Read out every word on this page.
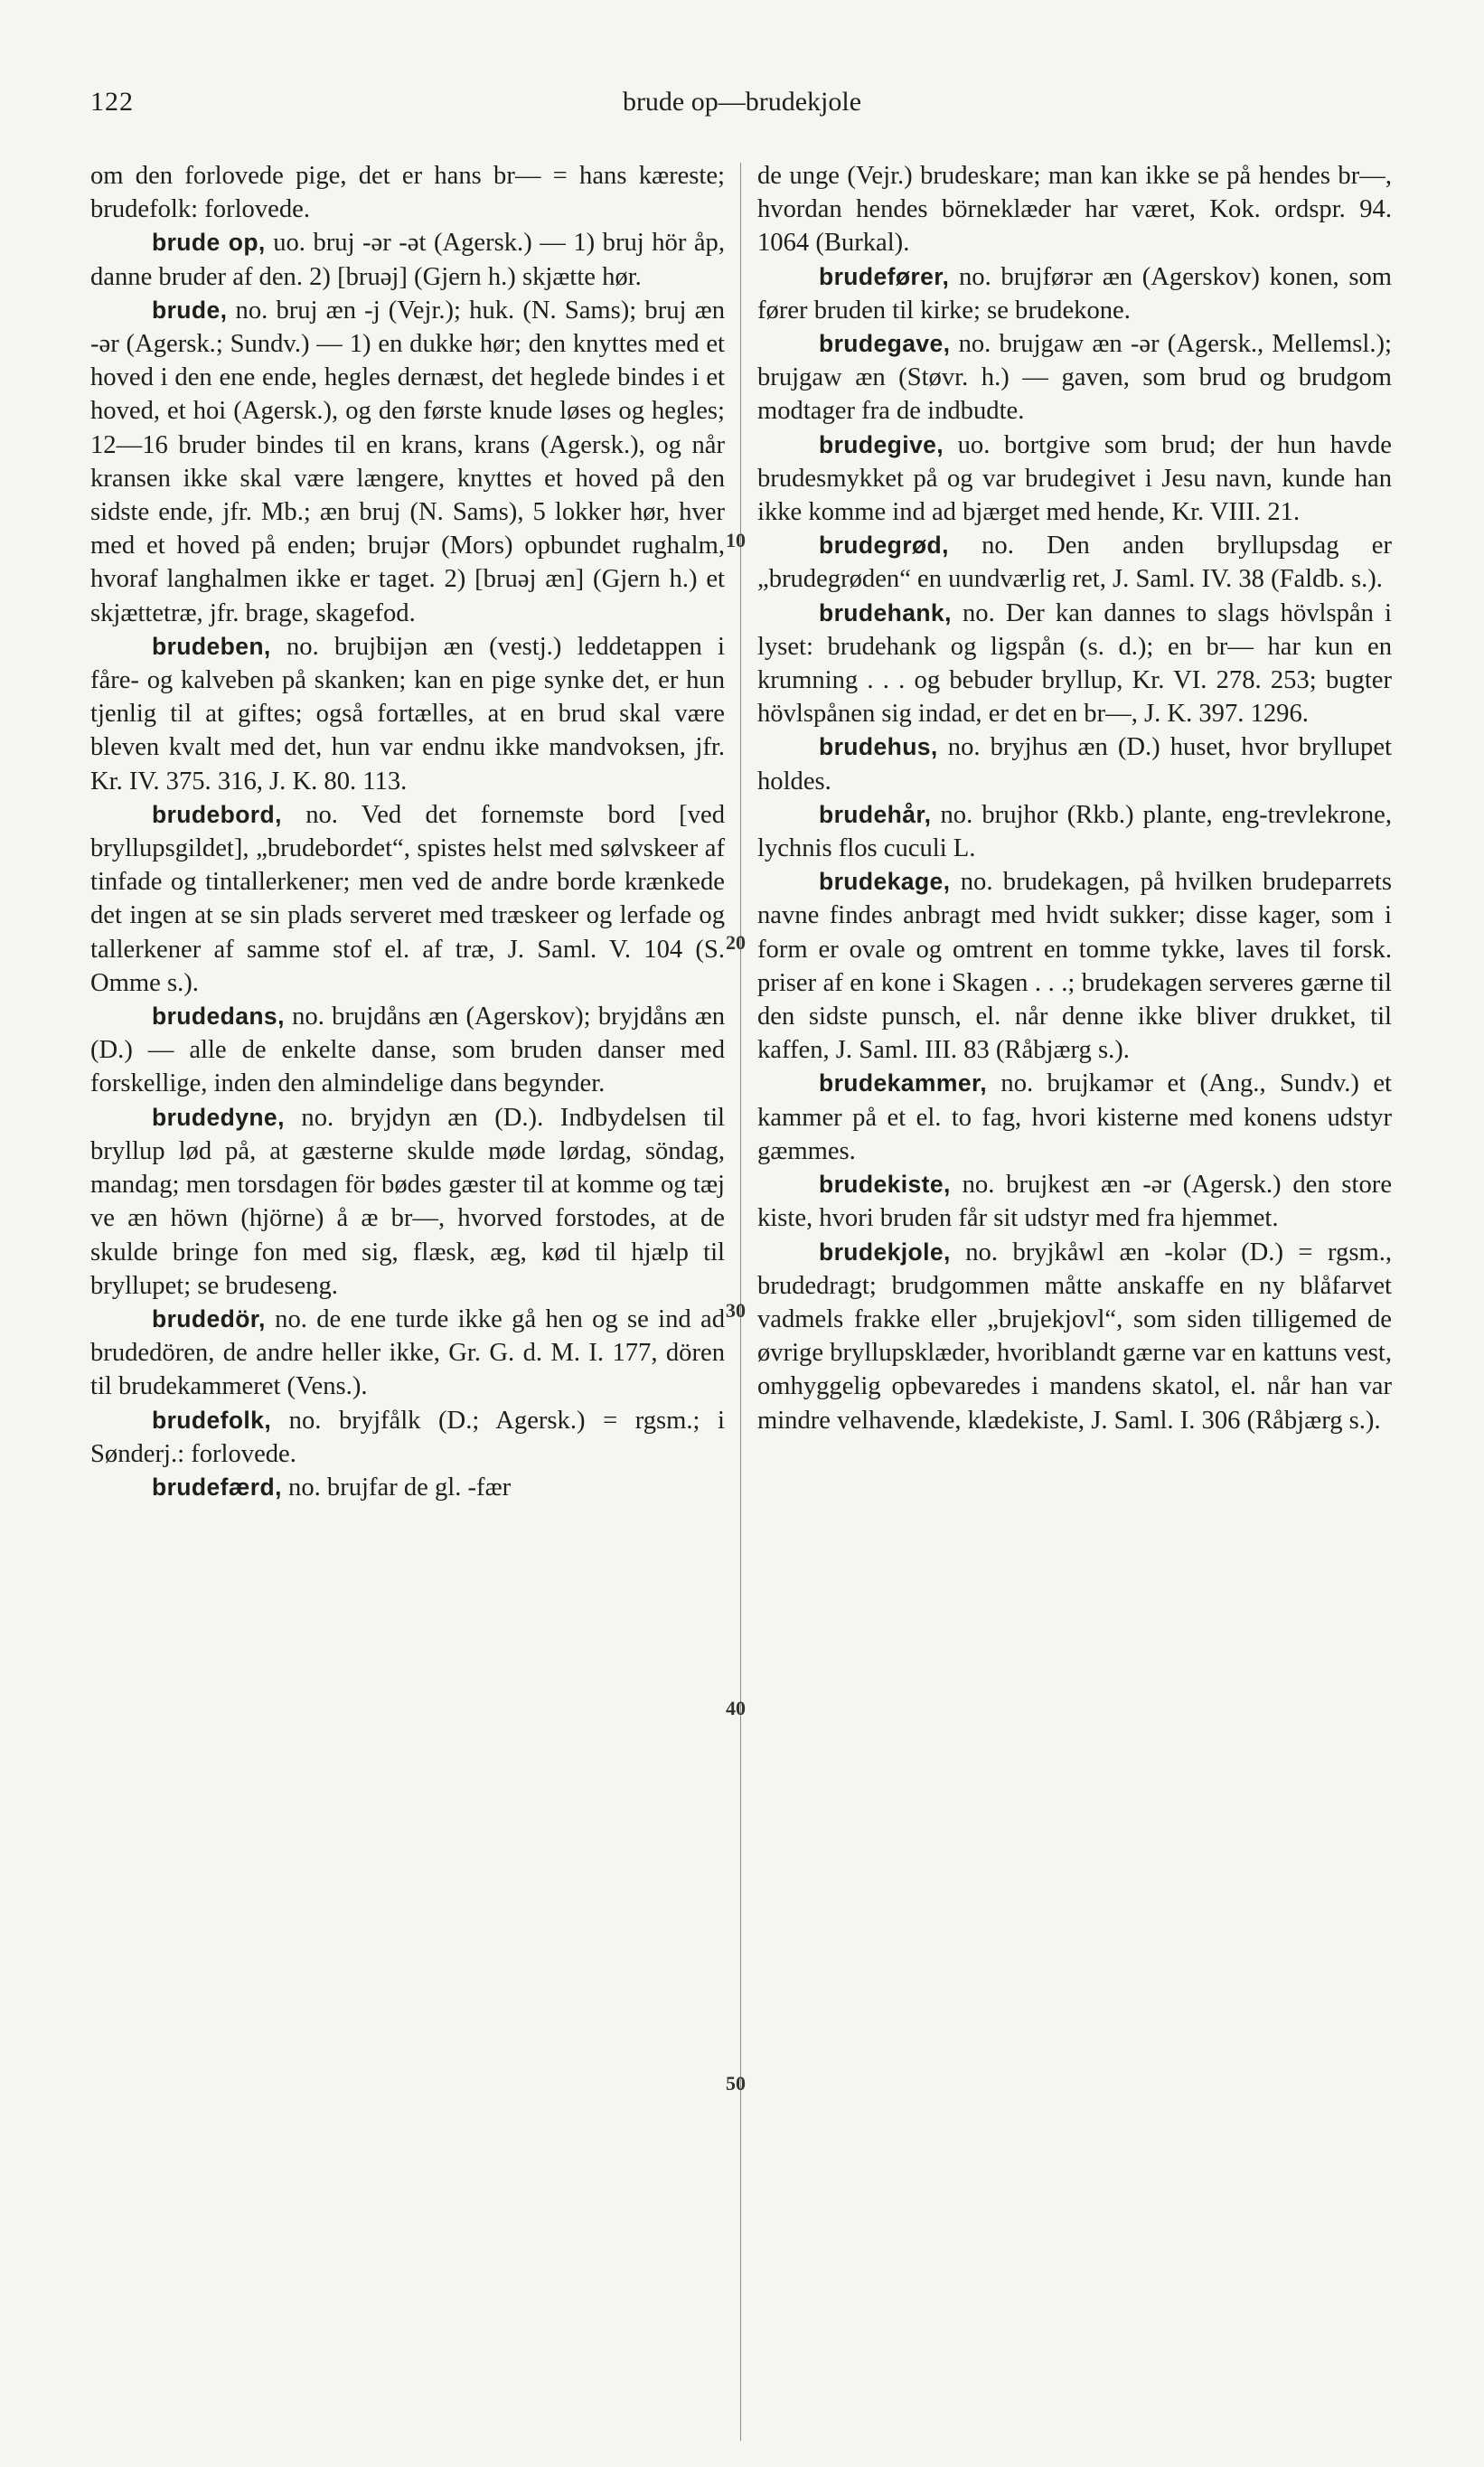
122	brude op—brudekjole
10
20
30
40
50

om den forlovede pige, det er hans br— = hans kæreste; brudefolk: forlovede.

brude op, uo. bruj -ər -ət (Agersk.) — 1) bruj hör åp, danne bruder af den. 2) [bruəj] (Gjern h.) skjætte hør.

brude, no. bruj æn -j (Vejr.); huk. (N. Sams); bruj æn -ər (Agersk.; Sundv.) — 1) en dukke hør; den knyttes med et hoved i den ene ende, hegles dernæst, det heglede bindes i et hoved, et hoi (Agersk.), og den første knude løses og hegles; 12—16 bruder bindes til en krans, krans (Agersk.), og når kransen ikke skal være længere, knyttes et hoved på den sidste ende, jfr. Mb.; æn bruj (N. Sams), 5 lokker hør, hver med et hoved på enden; brujər (Mors) opbundet rughalm, hvoraf langhalmen ikke er taget. 2) [bruəj æn] (Gjern h.) et skjættetræ, jfr. brage, skagefod.

brudeben, no. brujbijən æn (vestj.) leddetappen i fåre- og kalveben på skanken; kan en pige synke det, er hun tjenlig til at giftes; også fortælles, at en brud skal være bleven kvalt med det, hun var endnu ikke mandvoksen, jfr. Kr. IV. 375. 316, J. K. 80. 113.

brudebord, no. Ved det fornemste bord [ved bryllupsgildet], „brudebordet“, spistes helst med sølvskeer af tinfade og tintallerkener; men ved de andre borde krænkede det ingen at se sin plads serveret med træskeer og lerfade og tallerkener af samme stof el. af træ, J. Saml. V. 104 (S. Omme s.).

brudedans, no. brujdåns æn (Agerskov); bryjdåns æn (D.) — alle de enkelte danse, som bruden danser med forskellige, inden den almindelige dans begynder.

brudedyne, no. bryjdyn æn (D.). Indbydelsen til bryllup lød på, at gæsterne skulde møde lørdag, söndag, mandag; men torsdagen för bødes gæster til at komme og tæj ve æn höwn (hjörne) å æ br—, hvorved forstodes, at de skulde bringe fon med sig, flæsk, æg, kød til hjælp til bryllupet; se brudeseng.

brudedör, no. de ene turde ikke gå hen og se ind ad brudedören, de andre heller ikke, Gr. G. d. M. I. 177, dören til brudekammeret (Vens.).

brudefolk, no. bryjfålk (D.; Agersk.) = rgsm.; i Sønderj.: forlovede.

brudefærd, no. brujfar de gl. -fær

de unge (Vejr.) brudeskare; man kan ikke se på hendes br—, hvordan hendes börneklæder har været, Kok. ordspr. 94. 1064 (Burkal).

brudefører, no. brujførər æn (Agerskov) konen, som fører bruden til kirke; se brudekone.

brudegave, no. brujgaw æn -ər (Agersk., Mellemsl.); brujgaw æn (Støvr. h.) — gaven, som brud og brudgom modtager fra de indbudte.

brudegive, uo. bortgive som brud; der hun havde brudesmykket på og var brudegivet i Jesu navn, kunde han ikke komme ind ad bjærget med hende, Kr. VIII. 21.

brudegrød, no. Den anden bryllupsdag er „brudegrøden“ en uundværlig ret, J. Saml. IV. 38 (Faldb. s.).

brudehank, no. Der kan dannes to slags hövlspån i lyset: brudehank og ligspån (s. d.); en br— har kun en krumning . . . og bebuder bryllup, Kr. VI. 278. 253; bugter hövlspånen sig indad, er det en br—, J. K. 397. 1296.

brudehus, no. bryjhus æn (D.) huset, hvor bryllupet holdes.

brudehår, no. brujhor (Rkb.) plante, eng-trevlekrone, lychnis flos cuculi L.

brudekage, no. brudekagen, på hvilken brudeparrets navne findes anbragt med hvidt sukker; disse kager, som i form er ovale og omtrent en tomme tykke, laves til forsk. priser af en kone i Skagen . . .; brudekagen serveres gærne til den sidste punsch, el. når denne ikke bliver drukket, til kaffen, J. Saml. III. 83 (Råbjærg s.).

brudekammer, no. brujkamər et (Ang., Sundv.) et kammer på et el. to fag, hvori kisterne med konens udstyr gæmmes.

brudekiste, no. brujkest æn -ər (Agersk.) den store kiste, hvori bruden får sit udstyr med fra hjemmet.

brudekjole, no. bryjkåwl æn -kolər (D.) = rgsm., brudedragt; brudgommen måtte anskaffe en ny blåfarvet vadmels frakke eller „brujekjovl“, som siden tilligemed de øvrige bryllupsklæder, hvoriblandt gærne var en kattuns vest, omhyggelig opbevaredes i mandens skatol, el. når han var mindre velhavende, klædekiste, J. Saml. I. 306 (Råbjærg s.).
